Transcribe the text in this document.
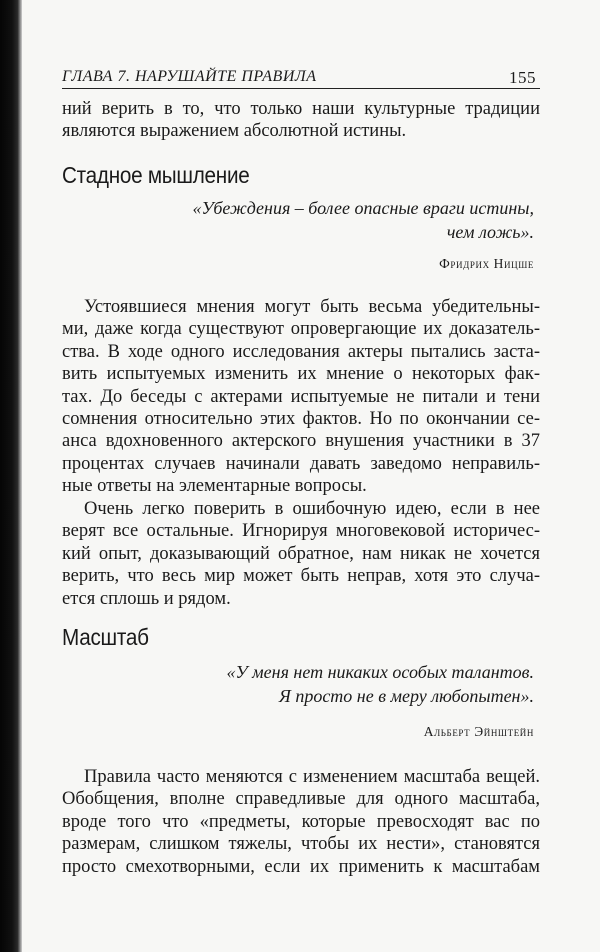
ГЛАВА 7. НАРУШАЙТЕ ПРАВИЛА	155
ний верить в то, что только наши культурные традиции
являются выражением абсолютной истины.
Стадное мышление
«Убеждения – более опасные враги истины,
чем ложь».
Фридрих Ницше
Устоявшиеся мнения могут быть весьма убедительны-
ми, даже когда существуют опровергающие их доказатель-
ства. В ходе одного исследования актеры пытались заста-
вить испытуемых изменить их мнение о некоторых фак-
тах. До беседы с актерами испытуемые не питали и тени
сомнения относительно этих фактов. Но по окончании се-
анса вдохновенного актерского внушения участники в 37
процентах случаев начинали давать заведомо неправиль-
ные ответы на элементарные вопросы.
Очень легко поверить в ошибочную идею, если в нее
верят все остальные. Игнорируя многовековой историчес-
кий опыт, доказывающий обратное, нам никак не хочется
верить, что весь мир может быть неправ, хотя это случа-
ется сплошь и рядом.
Масштаб
«У меня нет никаких особых талантов.
Я просто не в меру любопытен».
Альберт Эйнштейн
Правила часто меняются с изменением масштаба вещей.
Обобщения, вполне справедливые для одного масштаба,
вроде того что «предметы, которые превосходят вас по
размерам, слишком тяжелы, чтобы их нести», становятся
просто смехотворными, если их применить к масштабам
